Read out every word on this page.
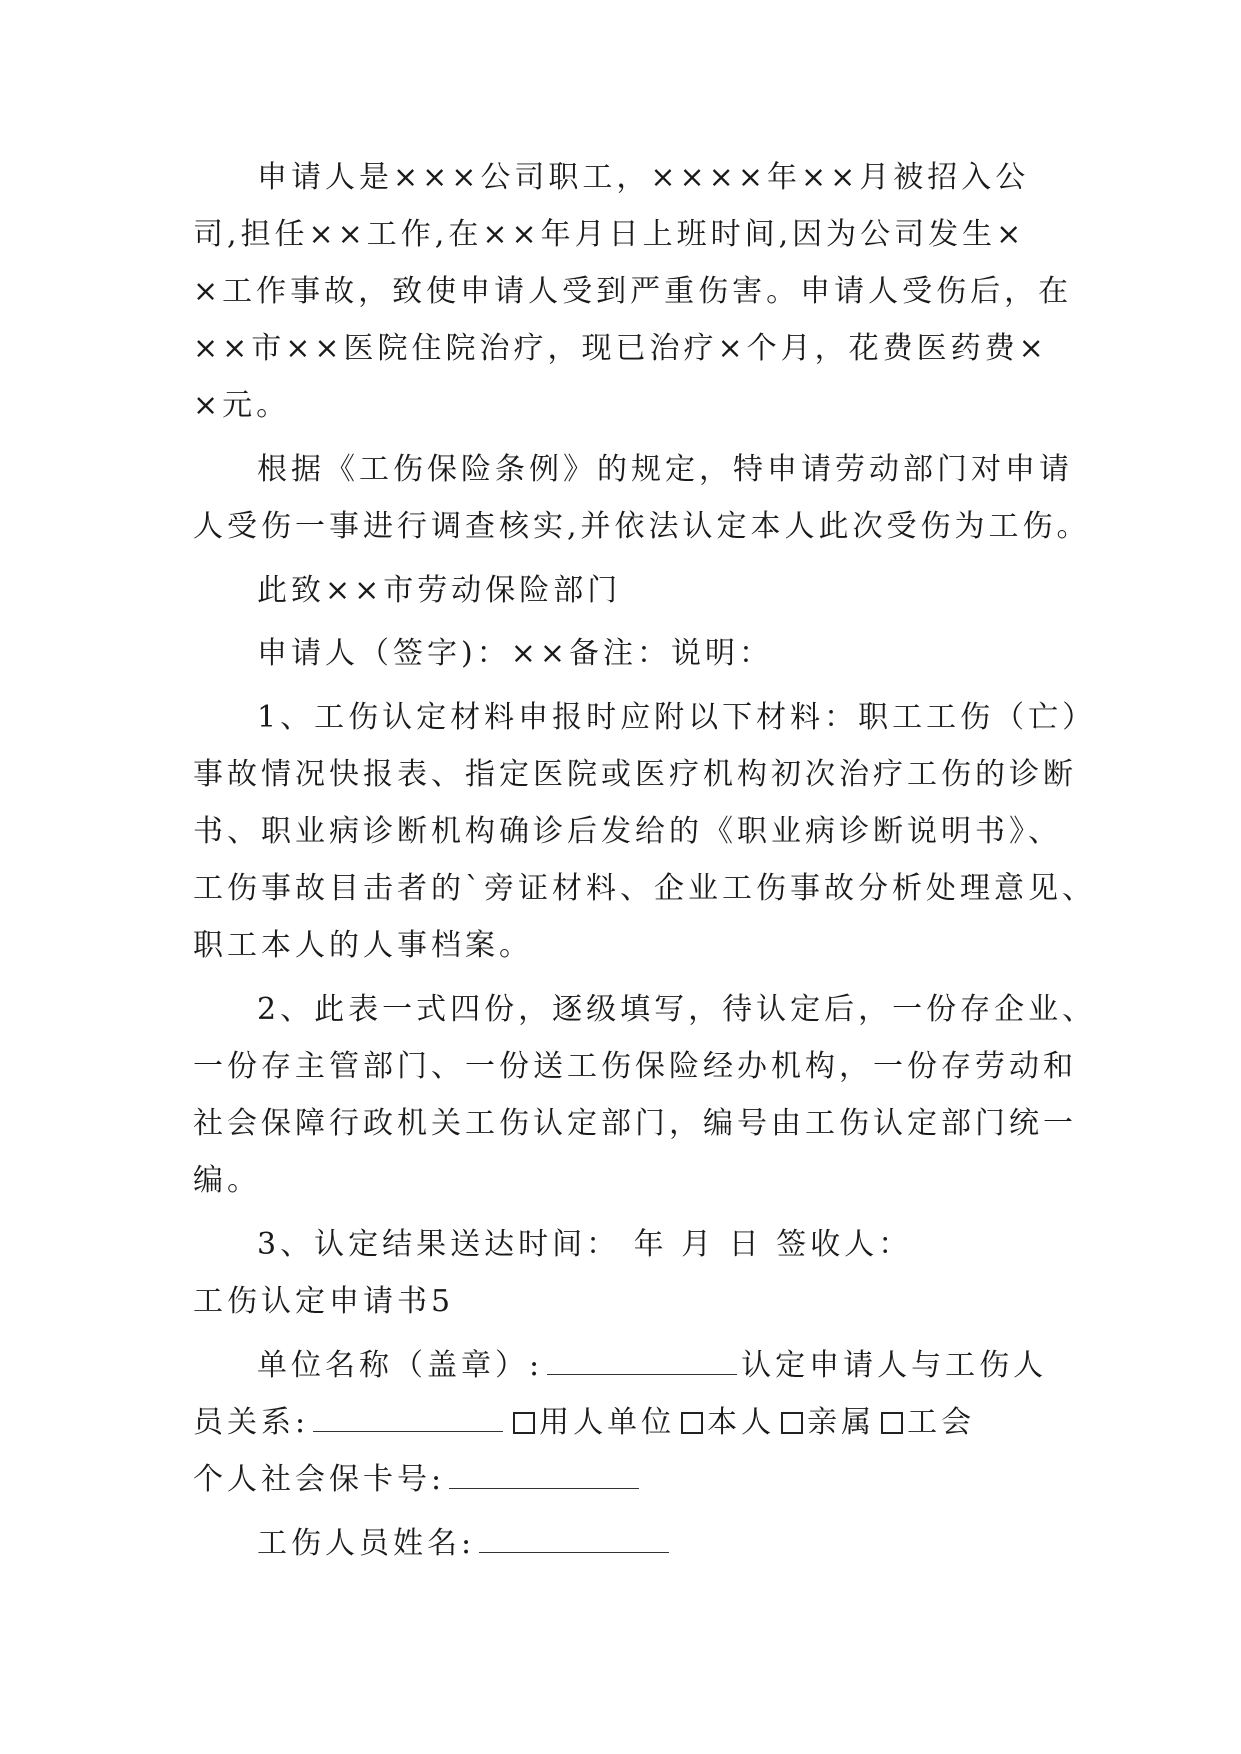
申请人是×××公司职工，××××年××月被招入公
司,担任××工作,在××年月日上班时间,因为公司发生×
×工作事故，致使申请人受到严重伤害。申请人受伤后，在
××市××医院住院治疗，现已治疗×个月，花费医药费×
×元。
根据《工伤保险条例》的规定，特申请劳动部门对申请
人受伤一事进行调查核实,并依法认定本人此次受伤为工伤。
此致××市劳动保险部门
申请人（签字)：××备注：说明：
1、工伤认定材料申报时应附以下材料：职工工伤（亡）
事故情况快报表、指定医院或医疗机构初次治疗工伤的诊断
书、职业病诊断机构确诊后发给的《职业病诊断说明书》、
工伤事故目击者的`旁证材料、企业工伤事故分析处理意见、
职工本人的人事档案。
2、此表一式四份，逐级填写，待认定后，一份存企业、
一份存主管部门、一份送工伤保险经办机构，一份存劳动和
社会保障行政机关工伤认定部门，编号由工伤认定部门统一
编。
3、认定结果送达时间： 年 月 日 签收人：
工伤认定申请书5
单位名称（盖章）:	认定申请人与工伤人
员关系:	用人单位 本人 亲属 工会
个人社会保卡号:
工伤人员姓名:
